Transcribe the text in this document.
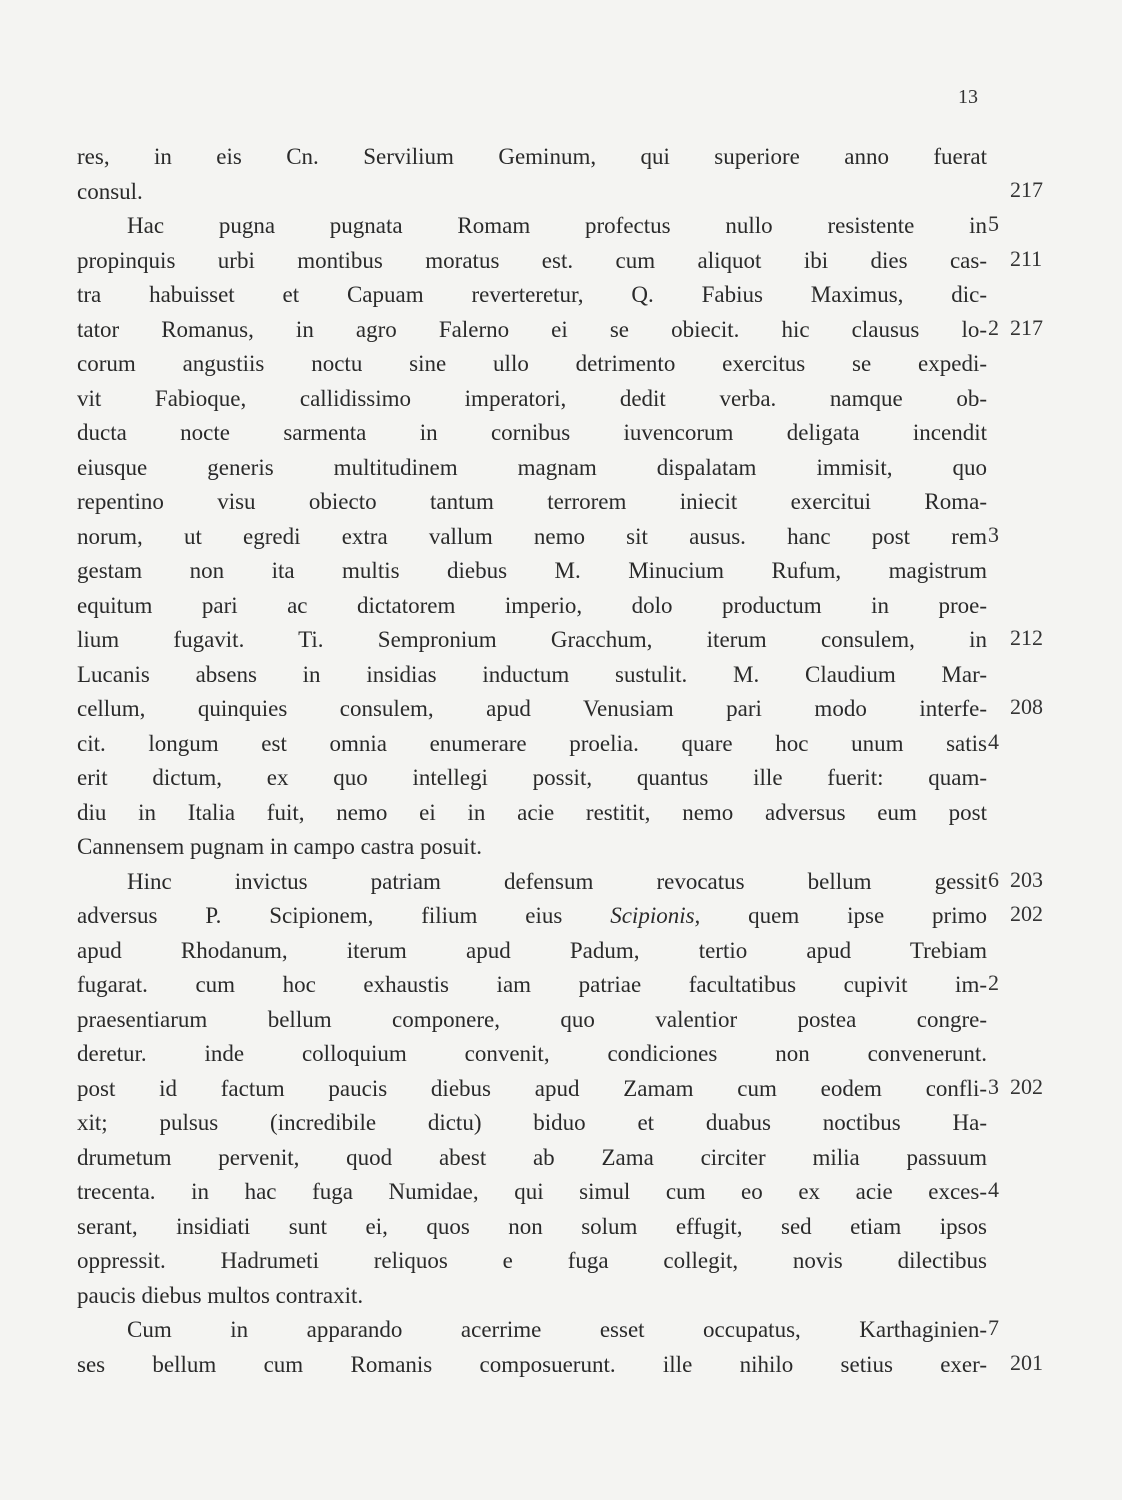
13
res, in eis Cn. Servilium Geminum, qui superiore anno fuerat
consul.
Hac pugna pugnata Romam profectus nullo resistente in
propinquis urbi montibus moratus est. cum aliquot ibi dies cas-
tra habuisset et Capuam reverteretur, Q. Fabius Maximus, dic-
tator Romanus, in agro Falerno ei se obiecit. hic clausus lo-
corum angustiis noctu sine ullo detrimento exercitus se expedi-
vit Fabioque, callidissimo imperatori, dedit verba. namque ob-
ducta nocte sarmenta in cornibus iuvencorum deligata incendit
eiusque generis multitudinem magnam dispalatam immisit, quo
repentino visu obiecto tantum terrorem iniecit exercitui Roma-
norum, ut egredi extra vallum nemo sit ausus. hanc post rem
gestam non ita multis diebus M. Minucium Rufum, magistrum
equitum pari ac dictatorem imperio, dolo productum in proe-
lium fugavit. Ti. Sempronium Gracchum, iterum consulem, in
Lucanis absens in insidias inductum sustulit. M. Claudium Mar-
cellum, quinquies consulem, apud Venusiam pari modo interfe-
cit. longum est omnia enumerare proelia. quare hoc unum satis
erit dictum, ex quo intellegi possit, quantus ille fuerit: quam-
diu in Italia fuit, nemo ei in acie restitit, nemo adversus eum post
Cannensem pugnam in campo castra posuit.
Hinc invictus patriam defensum revocatus bellum gessit
adversus P. Scipionem, filium eius Scipionis, quem ipse primo
apud Rhodanum, iterum apud Padum, tertio apud Trebiam
fugarat. cum hoc exhaustis iam patriae facultatibus cupivit im-
praesentiarum bellum componere, quo valentior postea congre-
deretur. inde colloquium convenit, condiciones non convenerunt.
post id factum paucis diebus apud Zamam cum eodem confli-
xit; pulsus (incredibile dictu) biduo et duabus noctibus Ha-
drumetum pervenit, quod abest ab Zama circiter milia passuum
trecenta. in hac fuga Numidae, qui simul cum eo ex acie exces-
serant, insidiati sunt ei, quos non solum effugit, sed etiam ipsos
oppressit. Hadrumeti reliquos e fuga collegit, novis dilectibus
paucis diebus multos contraxit.
Cum in apparando acerrime esset occupatus, Karthaginien-
ses bellum cum Romanis composuerunt. ille nihilo setius exer-
217
5
211
2 217
3
212
208
4
6 203
202
2
3 202
4
7
201
